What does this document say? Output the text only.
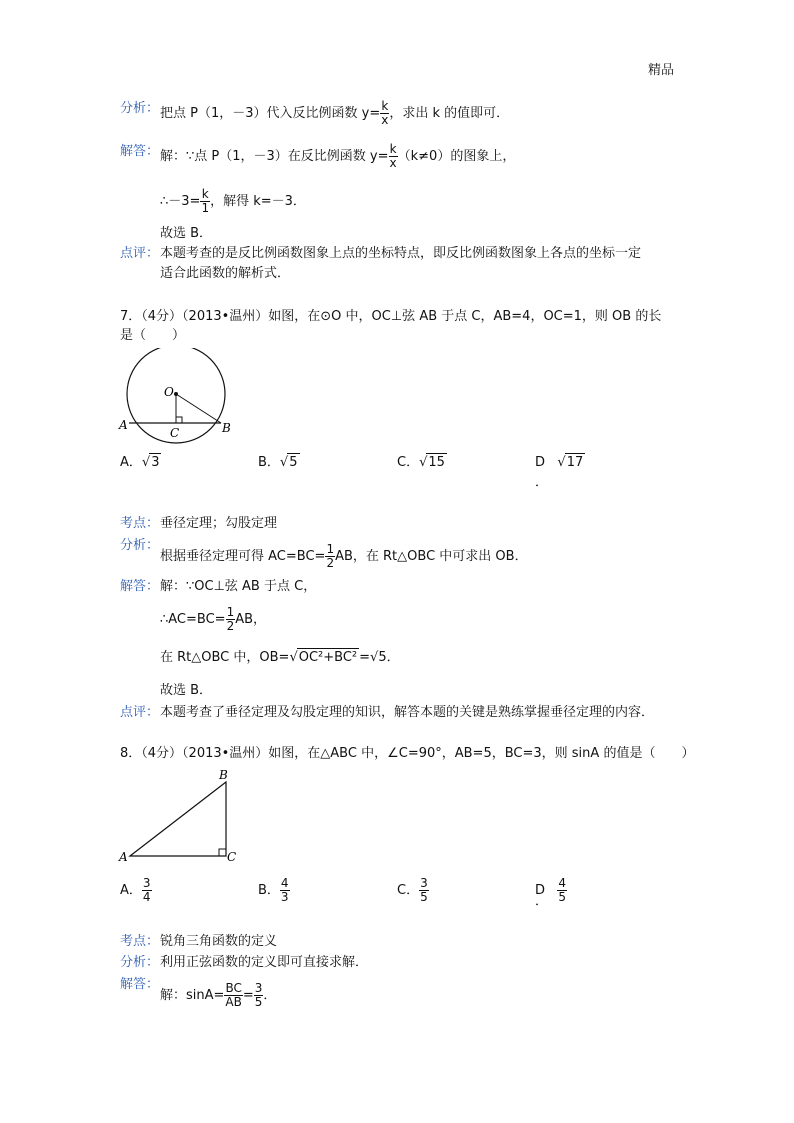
精品
分析： 把点 P（1，－3）代入反比例函数 $y= \frac{k}{x}$ ，求出 k 的值即可．
解答： 解：∵点 P（1，－3）在反比例函数 $y= \frac{k}{x} (k\ne 0)$的图象上，
∴－3= $\frac{k}{1}$ ，解得 k=－3．
故选 B．
点评： 本题考查的是反比例函数图象上点的坐标特点，即反比例函数图象上各点的坐标一定
适合此函数的解析式．
7．（4分）（2013•温州）如图，在⊙O 中，OC⊥弦 AB 于点 C，AB=4，OC=1，则 OB 的长
是（　　）
O
A	B
C
A．√3	B．√5	C．√15	D   √17
．
考点： 垂径定理；勾股定理
分析：
根据垂径定理可得 $AC=BC= \frac{1}{2}$ AB，在 Rt△OBC 中可求出 OB．
解答： 解：∵OC⊥弦 AB 于点 C，
∴AC=BC= $\frac{1}{2}$ AB，
在 Rt△OBC 中，OB=√OC²+BC² =√5．
故选 B．
点评： 本题考查了垂径定理及勾股定理的知识，解答本题的关键是熟练掌握垂径定理的内容．
8．（4分）（2013•温州）如图，在△ABC 中，∠C=90°，AB=5，BC=3，则 sinA 的值是（　　）
A
B
C
A． $\frac{3}{4}$	B． $\frac{4}{3}$	C． $\frac{3}{5}$	D $\frac{4}{5}$
．
考点： 锐角三角函数的定义
分析： 利用正弦函数的定义即可直接求解．
解答：
解：$\sin A= \frac{BC}{AB} = \frac{3}{5}$ ．
